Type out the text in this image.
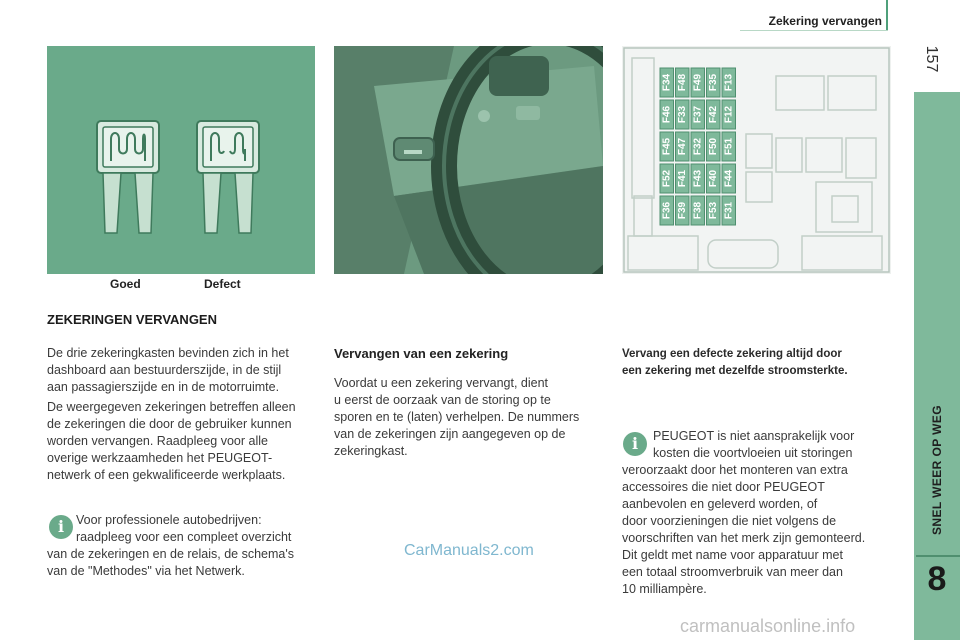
Zekering vervangen
157
SNEL WEER OP WEG
8
Goed	Defect
F36
F52
F45
F46
F34
F39
F41
F47
F33
F48
F38
F43
F32
F37
F49
F53
F40
F50
F42
F35
F31
F44
F51
F12
F13
ZEKERINGEN VERVANGEN
De drie zekeringkasten bevinden zich in het
dashboard aan bestuurderszijde, in de stijl
aan passagierszijde en in de motorruimte.
De weergegeven zekeringen betreffen alleen
de zekeringen die door de gebruiker kunnen
worden vervangen. Raadpleeg voor alle
overige werkzaamheden het PEUGEOT-
netwerk of een gekwalificeerde werkplaats.
i Voor professionele autobedrijven:
raadpleeg voor een compleet overzicht
van de zekeringen en de relais, de schema's
van de "Methodes" via het Netwerk.
Vervangen van een zekering
Voordat u een zekering vervangt, dient
u eerst de oorzaak van de storing op te
sporen en te (laten) verhelpen. De nummers
van de zekeringen zijn aangegeven op de
zekeringkast.
Vervang een defecte zekering altijd door
een zekering met dezelfde stroomsterkte.
i	PEUGEOT is niet aansprakelijk voor
kosten die voortvloeien uit storingen
veroorzaakt door het monteren van extra
accessoires die niet door PEUGEOT
aanbevolen en geleverd worden, of
door voorzieningen die niet volgens de
voorschriften van het merk zijn gemonteerd.
Dit geldt met name voor apparatuur met
een totaal stroomverbruik van meer dan
10 milliampère.
CarManuals2.com
carmanualsonline.info
